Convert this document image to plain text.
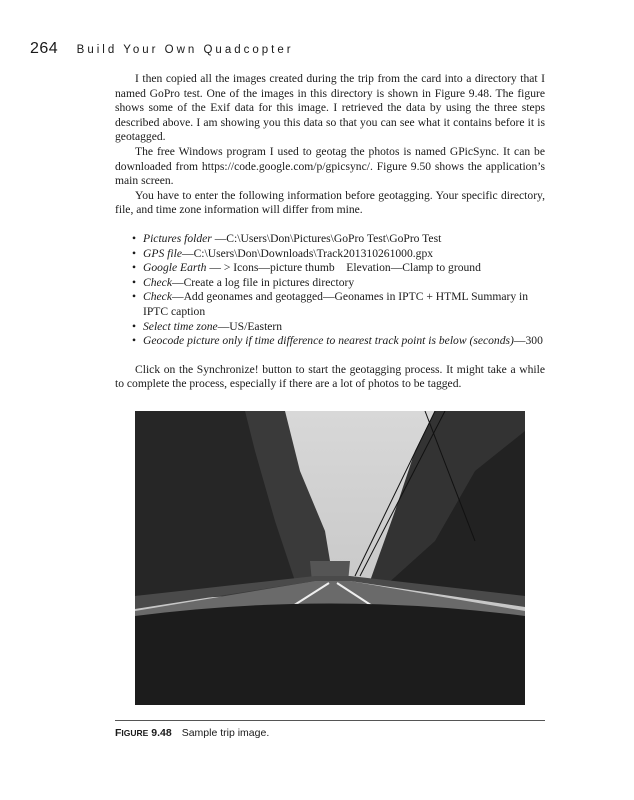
264 Build Your Own Quadcopter

I then copied all the images created during the trip from the card into a directory that I named GoPro test. One of the images in this directory is shown in Figure 9.48. The figure shows some of the Exif data for this image. I retrieved the data by using the three steps described above. I am showing you this data so that you can see what it contains before it is geotagged.

The free Windows program I used to geotag the photos is named GPicSync. It can be downloaded from https://code.google.com/p/gpicsync/. Figure 9.50 shows the application’s main screen.

You have to enter the following information before geotagging. Your specific directory, file, and time zone information will differ from mine.

• Pictures folder —C:\Users\Don\Pictures\GoPro Test\GoPro Test
• GPS file—C:\Users\Don\Downloads\Track201310261000.gpx
• Google Earth — > Icons—picture thumb    Elevation—Clamp to ground
• Check—Create a log file in pictures directory
• Check—Add geonames and geotagged—Geonames in IPTC + HTML Summary in IPTC caption
• Select time zone—US/Eastern
• Geocode picture only if time difference to nearest track point is below (seconds)—300

Click on the Synchronize! button to start the geotagging process. It might take a while to complete the process, especially if there are a lot of photos to be tagged.

FIGURE 9.48 Sample trip image.
